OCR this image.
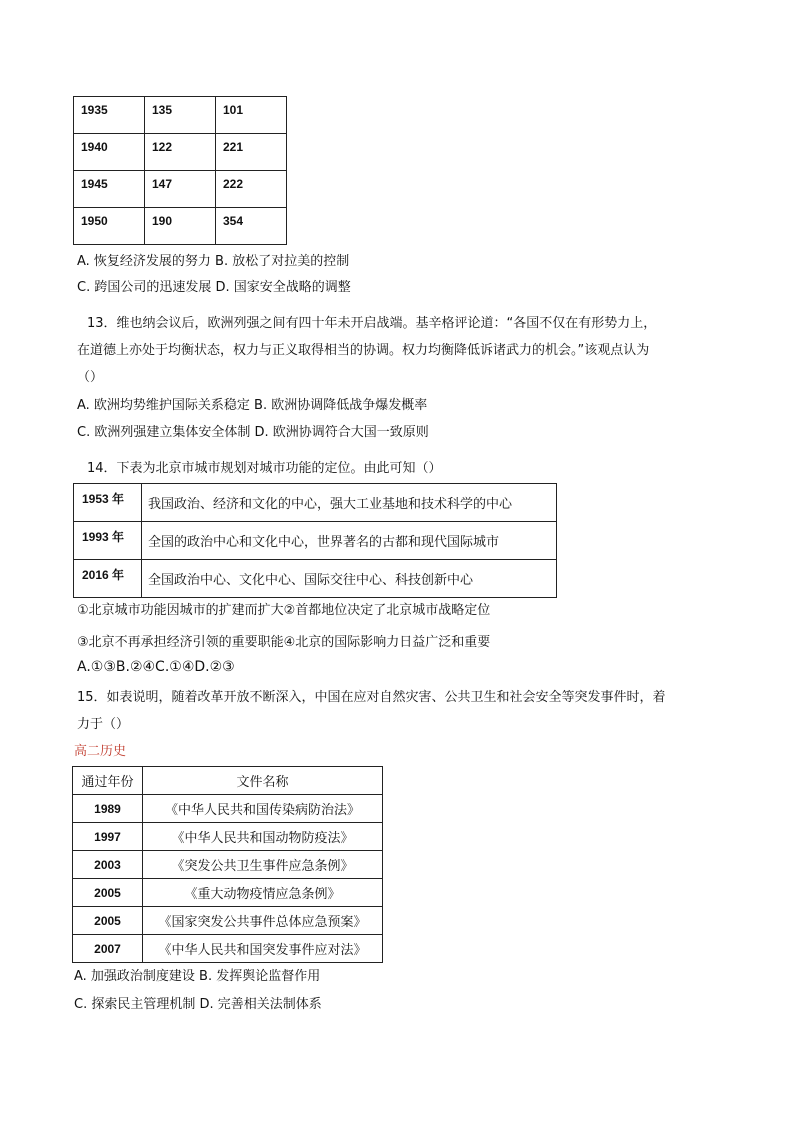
1935	135	101
1940	122	221
1945	147	222
1950	190	354
A. 恢复经济发展的努力 B. 放松了对拉美的控制
C. 跨国公司的迅速发展 D. 国家安全战略的调整
13．维也纳会议后，欧洲列强之间有四十年未开启战端。基辛格评论道：“各国不仅在有形势力上，
在道德上亦处于均衡状态，权力与正义取得相当的协调。权力均衡降低诉诸武力的机会。”该观点认为
（）
A. 欧洲均势维护国际关系稳定 B. 欧洲协调降低战争爆发概率
C. 欧洲列强建立集体安全体制 D. 欧洲协调符合大国一致原则
14．下表为北京市城市规划对城市功能的定位。由此可知（）
1953 年	我国政治、经济和文化的中心，强大工业基地和技术科学的中心
1993 年	全国的政治中心和文化中心，世界著名的古都和现代国际城市
2016 年	全国政治中心、文化中心、国际交往中心、科技创新中心
①北京城市功能因城市的扩建而扩大②首都地位决定了北京城市战略定位
③北京不再承担经济引领的重要职能④北京的国际影响力日益广泛和重要
A.①③B.②④C.①④D.②③
15．如表说明，随着改革开放不断深入，中国在应对自然灾害、公共卫生和社会安全等突发事件时，着
力于（）
高二历史
通过年份	文件名称
1989	《中华人民共和国传染病防治法》
1997	《中华人民共和国动物防疫法》
2003	《突发公共卫生事件应急条例》
2005	《重大动物疫情应急条例》
2005	《国家突发公共事件总体应急预案》
2007	《中华人民共和国突发事件应对法》
A. 加强政治制度建设 B. 发挥舆论监督作用
C. 探索民主管理机制 D. 完善相关法制体系
